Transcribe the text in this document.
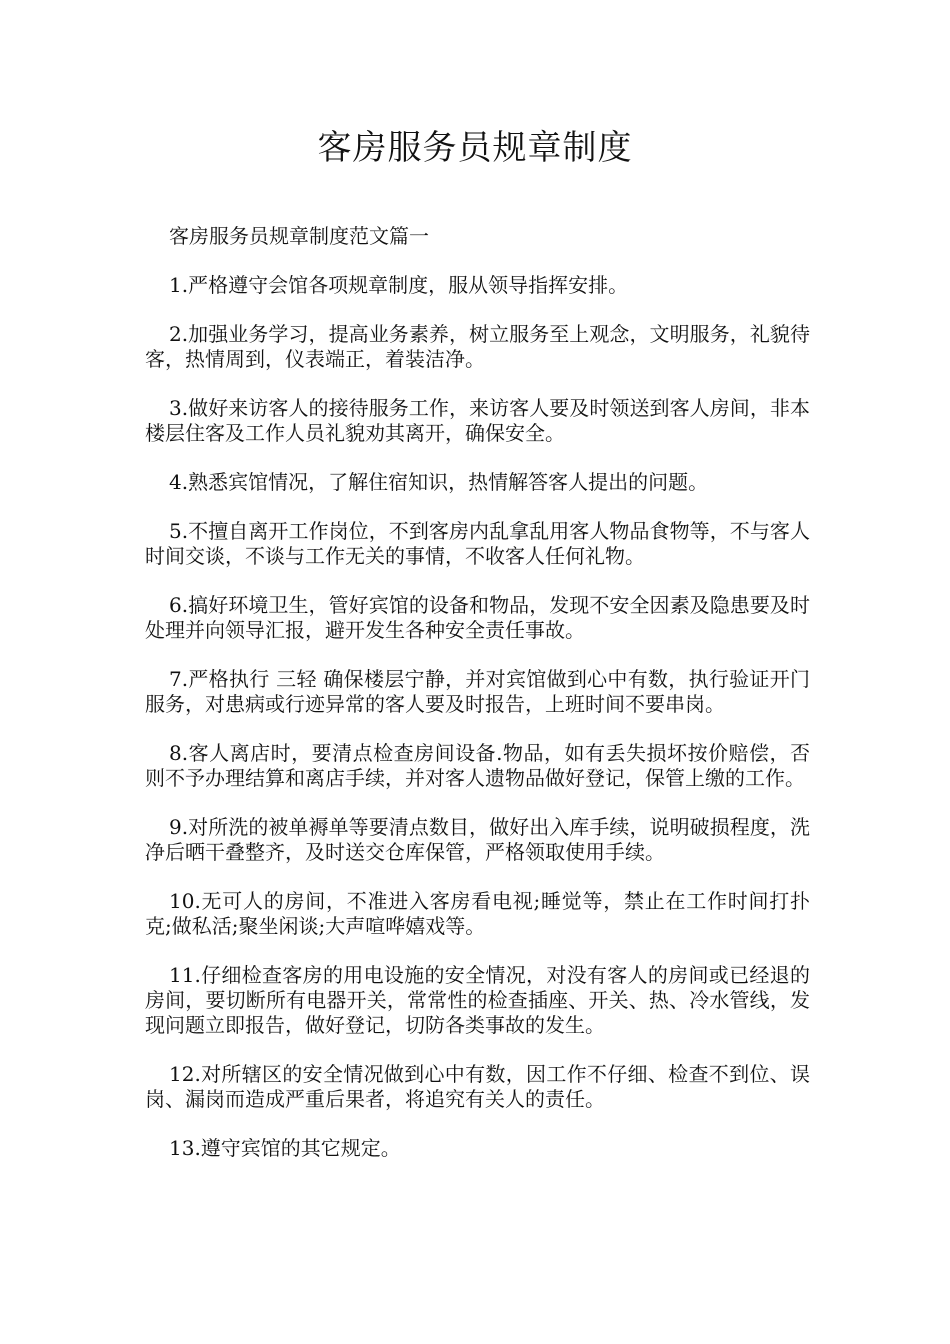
客房服务员规章制度

客房服务员规章制度范文篇一

1.严格遵守会馆各项规章制度，服从领导指挥安排。

2.加强业务学习，提高业务素养，树立服务至上观念，文明服务，礼貌待客，热情周到，仪表端正，着装洁净。

3.做好来访客人的接待服务工作，来访客人要及时领送到客人房间，非本楼层住客及工作人员礼貌劝其离开，确保安全。

4.熟悉宾馆情况，了解住宿知识，热情解答客人提出的问题。

5.不擅自离开工作岗位，不到客房内乱拿乱用客人物品食物等，不与客人时间交谈，不谈与工作无关的事情，不收客人任何礼物。

6.搞好环境卫生，管好宾馆的设备和物品，发现不安全因素及隐患要及时处理并向领导汇报，避开发生各种安全责任事故。

7.严格执行 三轻 确保楼层宁静，并对宾馆做到心中有数，执行验证开门服务，对患病或行迹异常的客人要及时报告，上班时间不要串岗。

8.客人离店时，要清点检查房间设备.物品，如有丢失损坏按价赔偿，否则不予办理结算和离店手续，并对客人遗物品做好登记，保管上缴的工作。

9.对所洗的被单褥单等要清点数目，做好出入库手续，说明破损程度，洗净后晒干叠整齐，及时送交仓库保管，严格领取使用手续。

10.无可人的房间，不准进入客房看电视;睡觉等，禁止在工作时间打扑克;做私活;聚坐闲谈;大声喧哗嬉戏等。

11.仔细检查客房的用电设施的安全情况，对没有客人的房间或已经退的房间，要切断所有电器开关，常常性的检查插座、开关、热、冷水管线，发现问题立即报告，做好登记，切防各类事故的发生。

12.对所辖区的安全情况做到心中有数，因工作不仔细、检查不到位、误岗、漏岗而造成严重后果者，将追究有关人的责任。

13.遵守宾馆的其它规定。
